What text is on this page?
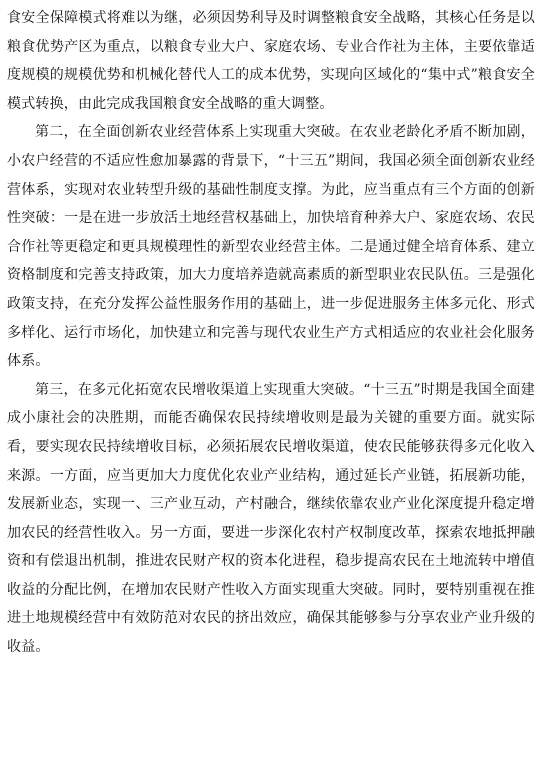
食安全保障模式将难以为继，必须因势利导及时调整粮食安全战略，其核心任务是以粮食优势产区为重点，以粮食专业大户、家庭农场、专业合作社为主体，主要依靠适度规模的规模优势和机械化替代人工的成本优势，实现向区域化的“集中式”粮食安全模式转换，由此完成我国粮食安全战略的重大调整。

第二，在全面创新农业经营体系上实现重大突破。在农业老龄化矛盾不断加剧，小农户经营的不适应性愈加暴露的背景下，“十三五”期间，我国必须全面创新农业经营体系，实现对农业转型升级的基础性制度支撑。为此，应当重点有三个方面的创新性突破：一是在进一步放活土地经营权基础上，加快培育种养大户、家庭农场、农民合作社等更稳定和更具规模理性的新型农业经营主体。二是通过健全培育体系、建立资格制度和完善支持政策，加大力度培养造就高素质的新型职业农民队伍。三是强化政策支持，在充分发挥公益性服务作用的基础上，进一步促进服务主体多元化、形式多样化、运行市场化，加快建立和完善与现代农业生产方式相适应的农业社会化服务体系。

第三，在多元化拓宽农民增收渠道上实现重大突破。“十三五”时期是我国全面建成小康社会的决胜期，而能否确保农民持续增收则是最为关键的重要方面。就实际看，要实现农民持续增收目标，必须拓展农民增收渠道，使农民能够获得多元化收入来源。一方面，应当更加大力度优化农业产业结构，通过延长产业链，拓展新功能，发展新业态，实现一、三产业互动，产村融合，继续依靠农业产业化深度提升稳定增加农民的经营性收入。另一方面，要进一步深化农村产权制度改革，探索农地抵押融资和有偿退出机制，推进农民财产权的资本化进程，稳步提高农民在土地流转中增值收益的分配比例，在增加农民财产性收入方面实现重大突破。同时，要特别重视在推进土地规模经营中有效防范对农民的挤出效应，确保其能够参与分享农业产业升级的收益。
